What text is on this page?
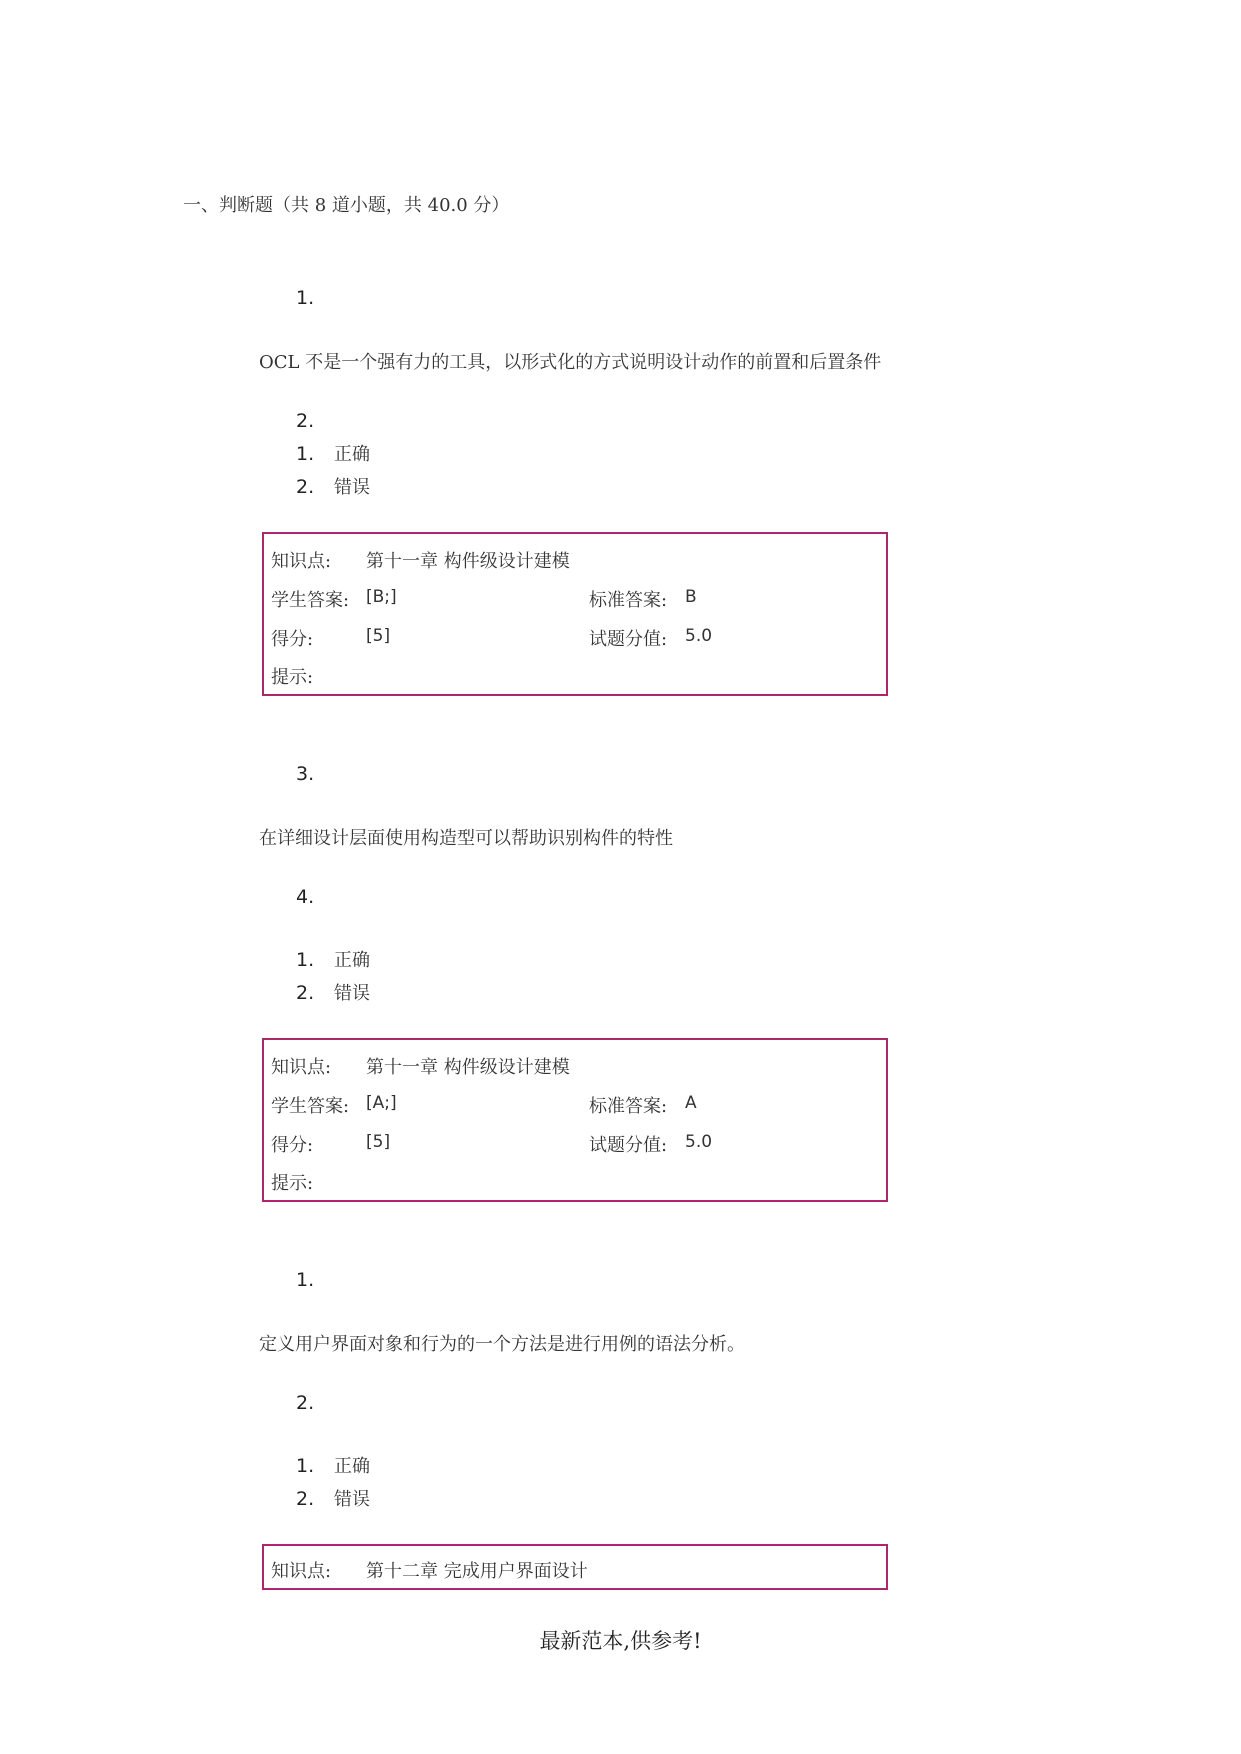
一、判断题（共 8 道小题，共 40.0 分）
1.
OCL 不是一个强有力的工具，以形式化的方式说明设计动作的前置和后置条件
2.
1. 正确
2. 错误
知识点: 第十一章 构件级设计建模
学生答案: [B;]	标准答案: B
得分:	[5]	试题分值: 5.0
提示:
3.
在详细设计层面使用构造型可以帮助识别构件的特性
4.
1. 正确
2. 错误
知识点: 第十一章 构件级设计建模
学生答案: [A;]	标准答案: A
得分:	[5]	试题分值: 5.0
提示:
1.
定义用户界面对象和行为的一个方法是进行用例的语法分析。
2.
1. 正确
2. 错误
知识点: 第十二章 完成用户界面设计
最新范本,供参考!
